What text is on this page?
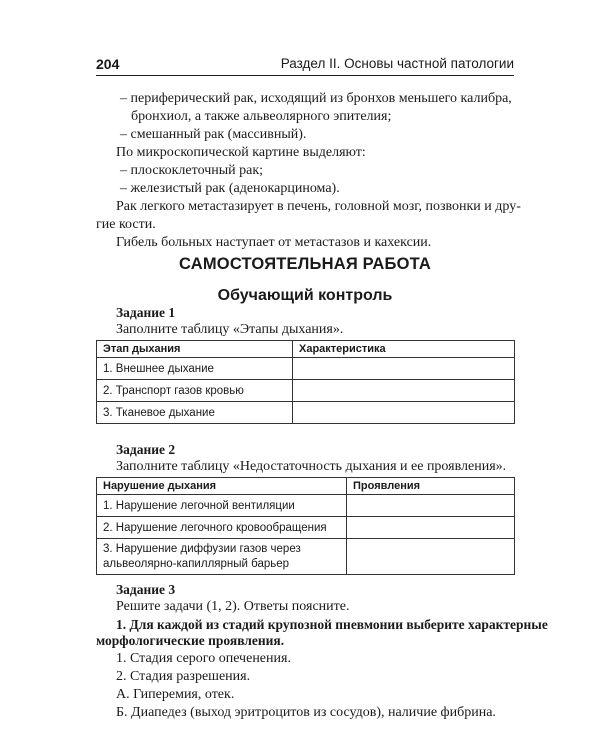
204	Раздел II. Основы частной патологии
– периферический рак, исходящий из бронхов меньшего калибра,
бронхиол, а также альвеолярного эпителия;
– смешанный рак (массивный).
По микроскопической картине выделяют:
– плоскоклеточный рак;
– железистый рак (аденокарцинома).
Рак легкого метастазирует в печень, головной мозг, позвонки и дру-
гие кости.
Гибель больных наступает от метастазов и кахексии.
САМОСТОЯТЕЛЬНАЯ РАБОТА
Обучающий контроль
Задание 1
Заполните таблицу «Этапы дыхания».
Этап дыхания	Характеристика
1. Внешнее дыхание	
2. Транспорт газов кровью	
3. Тканевое дыхание	
Задание 2
Заполните таблицу «Недостаточность дыхания и ее проявления».
Нарушение дыхания	Проявления
1. Нарушение легочной вентиляции	
2. Нарушение легочного кровообращения	

3. Нарушение диффузии газов через
альвеолярно-капиллярный барьер	

Задание 3
Решите задачи (1, 2). Ответы поясните.
1. Для каждой из стадий крупозной пневмонии выберите характерные
морфологические проявления.
1. Стадия серого опеченения.
2. Стадия разрешения.
А. Гиперемия, отек.
Б. Диапедез (выход эритроцитов из сосудов), наличие фибрина.
